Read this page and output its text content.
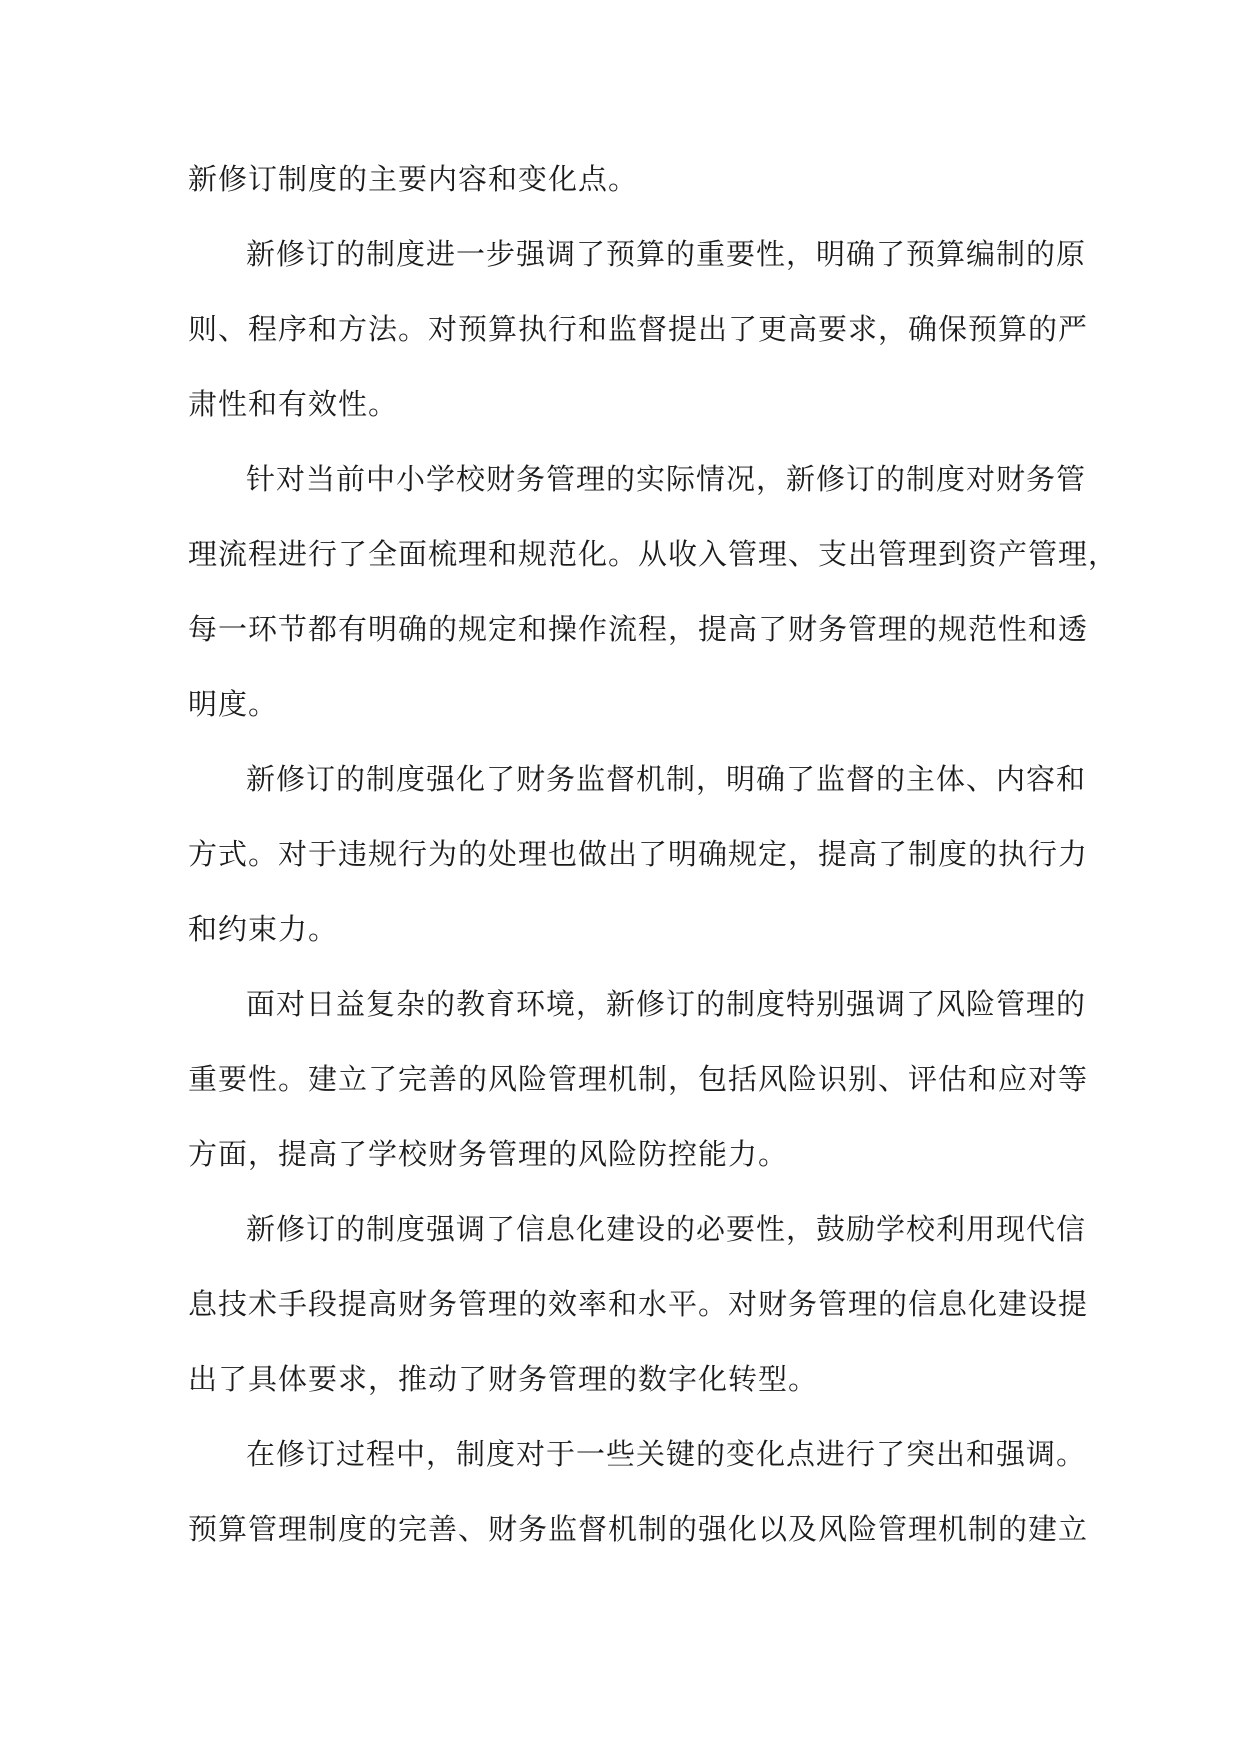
新修订制度的主要内容和变化点。
新修订的制度进一步强调了预算的重要性，明确了预算编制的原
则、程序和方法。对预算执行和监督提出了更高要求，确保预算的严
肃性和有效性。
针对当前中小学校财务管理的实际情况，新修订的制度对财务管
理流程进行了全面梳理和规范化。从收入管理、支出管理到资产管理，
每一环节都有明确的规定和操作流程，提高了财务管理的规范性和透
明度。
新修订的制度强化了财务监督机制，明确了监督的主体、内容和
方式。对于违规行为的处理也做出了明确规定，提高了制度的执行力
和约束力。
面对日益复杂的教育环境，新修订的制度特别强调了风险管理的
重要性。建立了完善的风险管理机制，包括风险识别、评估和应对等
方面，提高了学校财务管理的风险防控能力。
新修订的制度强调了信息化建设的必要性，鼓励学校利用现代信
息技术手段提高财务管理的效率和水平。对财务管理的信息化建设提
出了具体要求，推动了财务管理的数字化转型。
在修订过程中，制度对于一些关键的变化点进行了突出和强调。
预算管理制度的完善、财务监督机制的强化以及风险管理机制的建立
